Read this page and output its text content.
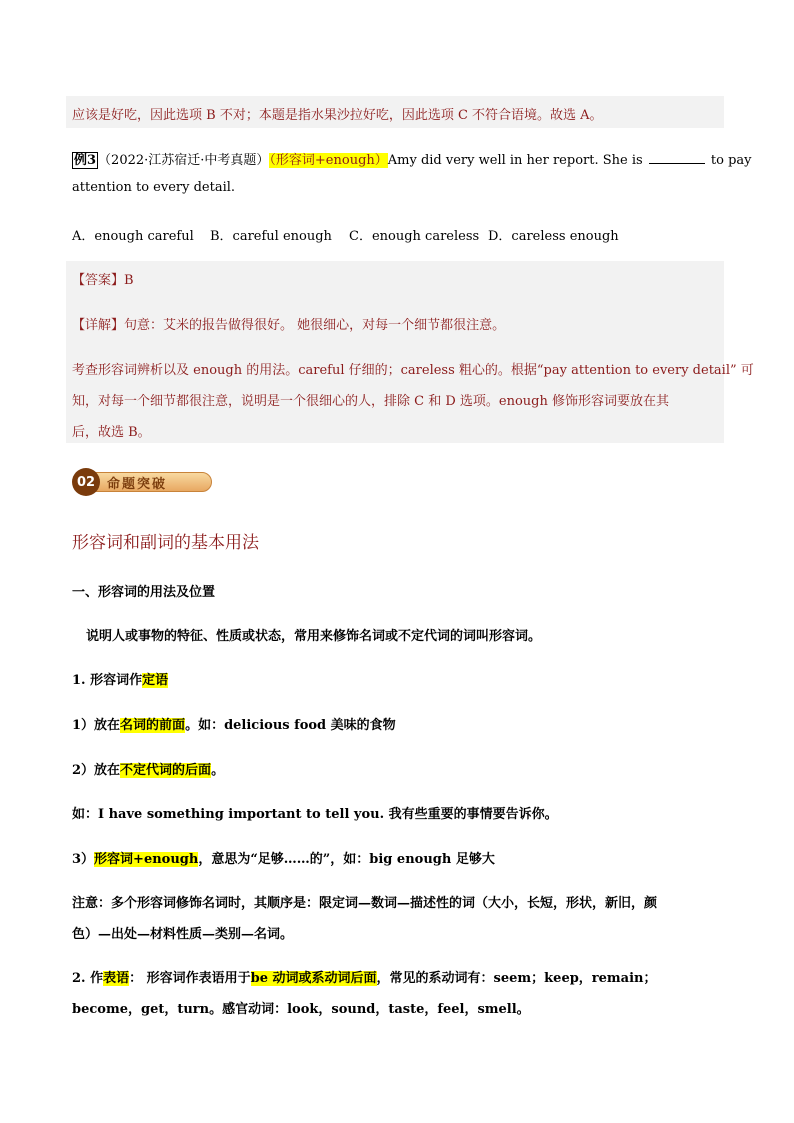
应该是好吃，因此选项 B 不对；本题是指水果沙拉好吃，因此选项 C 不符合语境。故选 A。
例3 （2022·江苏宿迁·中考真题）（形容词+enough）Amy did very well in her report. She is	to pay
attention to every detail.
A．enough careful B．careful enough C．enough careless D．careless enough
【答案】B
【详解】句意：艾米的报告做得很好。 她很细心，对每一个细节都很注意。
考查形容词辨析以及 enough 的用法。careful 仔细的；careless 粗心的。根据“pay attention to every detail” 可
知，对每一个细节都很注意，说明是一个很细心的人，排除 C 和 D 选项。enough 修饰形容词要放在其
后，故选 B。
02 命题突破
形容词和副词的基本用法
一、形容词的用法及位置
说明人或事物的特征、性质或状态，常用来修饰名词或不定代词的词叫形容词。
1. 形容词作定语
1）放在名词的前面。如：delicious food 美味的食物
2）放在不定代词的后面。
如：I have something important to tell you. 我有些重要的事情要告诉你。
3）形容词+enough，意思为“足够……的”，如：big enough 足够大
注意：多个形容词修饰名词时，其顺序是：限定词—数词—描述性的词（大小，长短，形状，新旧，颜
色）—出处—材料性质—类别—名词。
2. 作表语： 形容词作表语用于be 动词或系动词后面，常见的系动词有：seem；keep，remain；
become，get，turn。感官动词：look，sound，taste，feel，smell。
